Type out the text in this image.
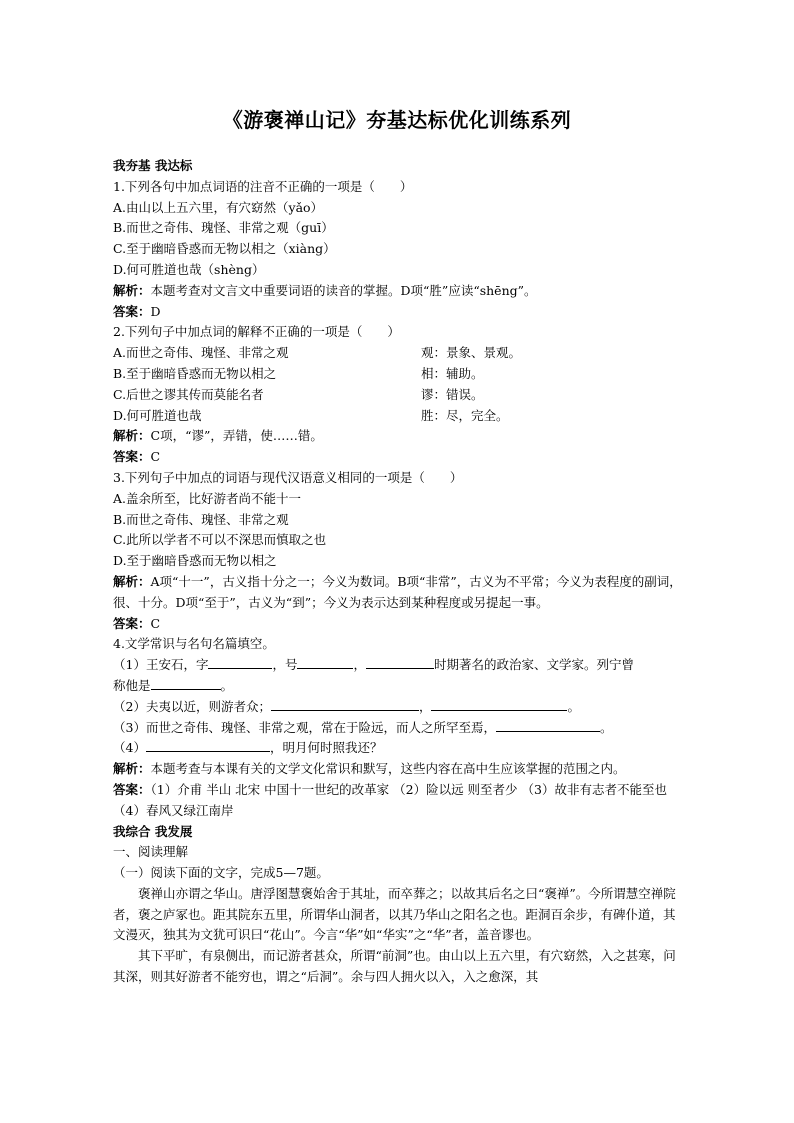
《游褒禅山记》夯基达标优化训练系列
我夯基 我达标
1.下列各句中加点词语的注音不正确的一项是（　　）
A.由山以上五六里，有穴窈然（yǎo）
B.而世之奇伟、瑰怪、非常之观（guī）
C.至于幽暗昏惑而无物以相之（xiàng）
D.何可胜道也哉（shèng）
解析：本题考查对文言文中重要词语的读音的掌握。D项“胜”应读“shēng”。
答案：D
2.下列句子中加点词的解释不正确的一项是（　　）
A.而世之奇伟、瑰怪、非常之观	观：景象、景观。
B.至于幽暗昏惑而无物以相之	相：辅助。
C.后世之谬其传而莫能名者	谬：错误。
D.何可胜道也哉	胜：尽，完全。
解析：C项，“谬”，弄错，使……错。
答案：C
3.下列句子中加点的词语与现代汉语意义相同的一项是（　　）
A.盖余所至，比好游者尚不能十一
B.而世之奇伟、瑰怪、非常之观
C.此所以学者不可以不深思而慎取之也
D.至于幽暗昏惑而无物以相之
解析：A项“十一”，古义指十分之一；今义为数词。B项“非常”，古义为不平常；今义为表程度的副词，很、十分。D项“至于”，古义为“到”；今义为表示达到某种程度或另提起一事。
答案：C
4.文学常识与名句名篇填空。
（1）王安石，字	，号	，	时期著名的政治家、文学家。列宁曾
称他是	。
（2）夫夷以近，则游者众；	，	。
（3）而世之奇伟、瑰怪、非常之观，常在于险远，而人之所罕至焉，	。
（4）	，明月何时照我还？
解析：本题考查与本课有关的文学文化常识和默写，这些内容在高中生应该掌握的范围之内。
答案：（1）介甫 半山 北宋 中国十一世纪的改革家 （2）险以远 则至者少 （3）故非有志者不能至也 （4）春风又绿江南岸
我综合 我发展
一、阅读理解
（一）阅读下面的文字，完成5—7题。
褒禅山亦谓之华山。唐浮图慧褒始舍于其址，而卒葬之；以故其后名之曰“褒禅”。今所谓慧空禅院者，褒之庐冢也。距其院东五里，所谓华山洞者，以其乃华山之阳名之也。距洞百余步，有碑仆道，其文漫灭，独其为文犹可识曰“花山”。今言“华”如“华实”之“华”者，盖音谬也。
其下平旷，有泉侧出，而记游者甚众，所谓“前洞”也。由山以上五六里，有穴窈然，入之甚寒，问其深，则其好游者不能穷也，谓之“后洞”。余与四人拥火以入，入之愈深，其
